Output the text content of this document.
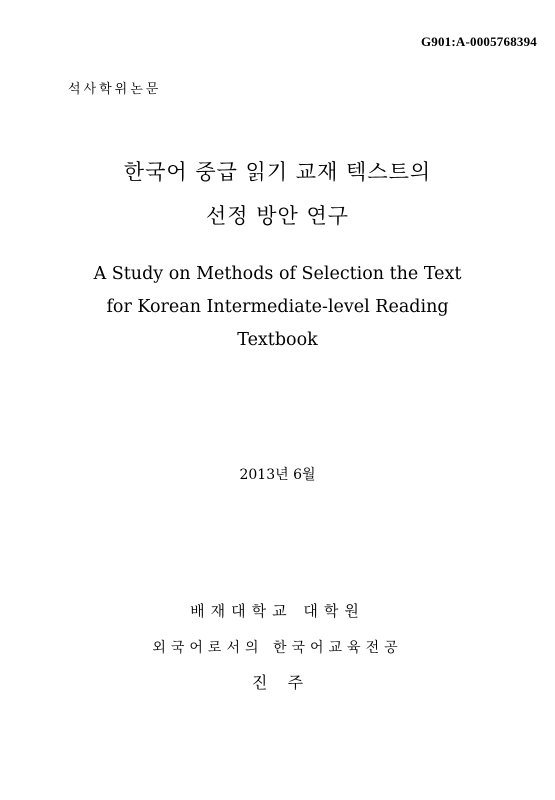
G901:A-0005768394
석사학위논문
한국어 중급 읽기 교재 텍스트의
선정 방안 연구
A Study on Methods of Selection the Text
for Korean Intermediate-level Reading
Textbook
2013년 6월
배재대학교 대학원
외국어로서의 한국어교육전공
진    주
